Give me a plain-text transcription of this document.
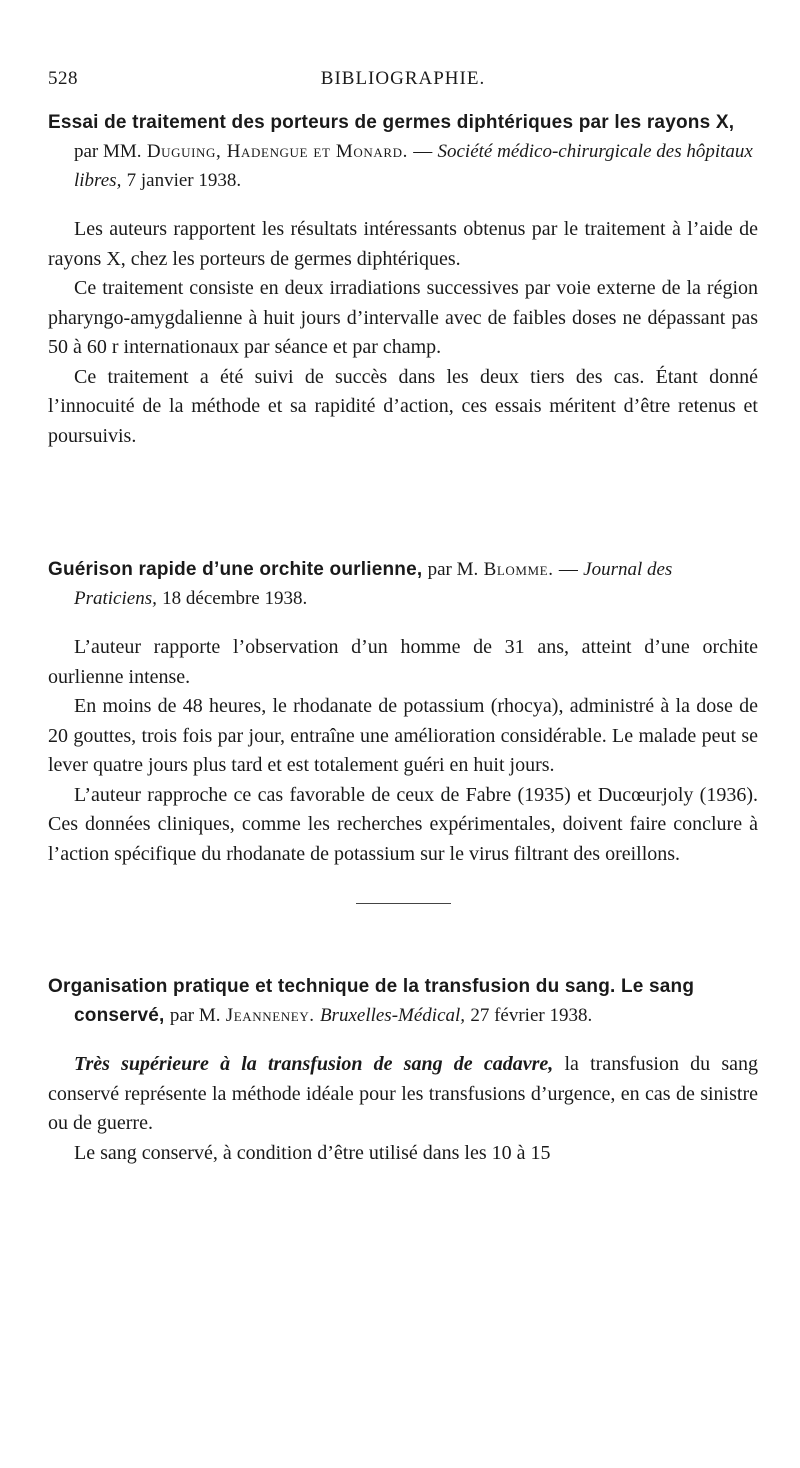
528	BIBLIOGRAPHIE.
Essai de traitement des porteurs de germes diphtériques par les rayons X, par MM. Duguing, Hadengue et Monard. — Société médico-chirurgicale des hôpitaux libres, 7 janvier 1938.

Les auteurs rapportent les résultats intéressants obtenus par le traitement à l’aide de rayons X, chez les porteurs de germes diphtériques.

Ce traitement consiste en deux irradiations successives par voie externe de la région pharyngo-amygdalienne à huit jours d’intervalle avec de faibles doses ne dépassant pas 50 à 60 r internationaux par séance et par champ.

Ce traitement a été suivi de succès dans les deux tiers des cas. Étant donné l’innocuité de la méthode et sa rapidité d’action, ces essais méritent d’être retenus et poursuivis.

Guérison rapide d’une orchite ourlienne, par M. Blomme. — Journal des Praticiens, 18 décembre 1938.

L’auteur rapporte l’observation d’un homme de 31 ans, atteint d’une orchite ourlienne intense.

En moins de 48 heures, le rhodanate de potassium (rhocya), administré à la dose de 20 gouttes, trois fois par jour, entraîne une amélioration considérable. Le malade peut se lever quatre jours plus tard et est totalement guéri en huit jours.

L’auteur rapproche ce cas favorable de ceux de Fabre (1935) et Ducœurjoly (1936). Ces données cliniques, comme les recherches expérimentales, doivent faire conclure à l’action spécifique du rhodanate de potassium sur le virus filtrant des oreillons.

Organisation pratique et technique de la transfusion du sang. Le sang conservé, par M. Jeanneney. Bruxelles-Médical, 27 février 1938.

Très supérieure à la transfusion de sang de cadavre, la transfusion du sang conservé représente la méthode idéale pour les transfusions d’urgence, en cas de sinistre ou de guerre.

Le sang conservé, à condition d’être utilisé dans les 10 à 15
